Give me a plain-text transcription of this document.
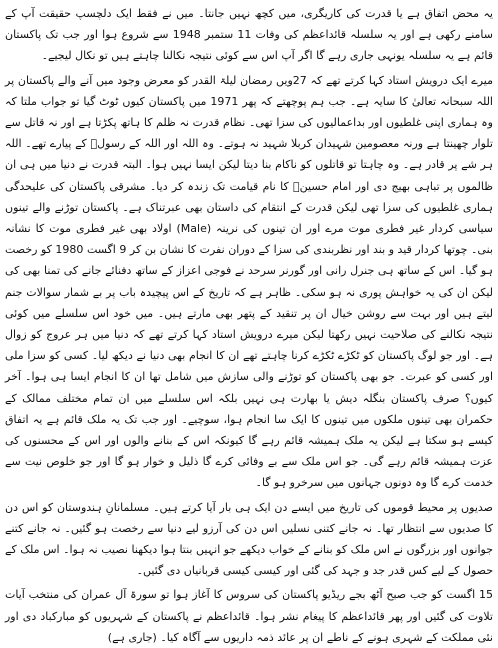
یہ محض اتفاق ہے یا قدرت کی کاریگری، میں کچھ نہیں جانتا۔ میں نے فقط ایک دلچسپ حقیقت آپ کے سامنے رکھی ہے اور یہ سلسلہ قائداعظم کی وفات 11 ستمبر 1948 سے شروع ہوا اور جب تک پاکستان قائم ہے یہ سلسلہ یونہی جاری رہے گا اگر آپ اس سے کوئی نتیجہ نکالنا چاہتے ہیں تو نکال لیجیے۔

میرے ایک درویش استاد کہا کرتے تھے کہ 27ویں رمضان لیلۃ القدر کو معرض وجود میں آنے والے پاکستان پر اللہ سبحانہ تعالیٰ کا سایہ ہے۔ جب ہم پوچھتے کہ پھر 1971 میں پاکستان کیوں ٹوٹ گیا تو جواب ملتا کہ وہ ہماری اپنی غلطیوں اور بداعمالیوں کی سزا تھی۔ نظام قدرت نہ ظلم کا ہاتھ پکڑتا ہے اور نہ قاتل سے تلوار چھینتا ہے ورنہ معصومین شہیدان کربلا شہید نہ ہوتے۔ وہ اللہ اور اللہ کے رسولؐ کے پیارے تھے۔ اللہ ہر شے پر قادر ہے۔ وہ چاہتا تو قاتلوں کو ناکام بنا دیتا لیکن ایسا نہیں ہوا۔ البتہ قدرت نے دنیا میں ہی ان ظالموں پر تباہی بھیج دی اور امام حسینؓ کا نام قیامت تک زندہ کر دیا۔ مشرقی پاکستان کی علیحدگی ہماری غلطیوں کی سزا تھی لیکن قدرت کے انتقام کی داستان بھی عبرتناک ہے۔ پاکستان توڑنے والے تینوں سیاسی کردار غیر فطری موت مرے اور ان تینوں کی نرینہ (Male) اولاد بھی غیر فطری موت کا نشانہ بنی۔ چوتھا کردار قید و بند اور نظربندی کی سزا کے دوران نفرت کا نشان بن کر 9 اگست 1980 کو رخصت ہو گیا۔ اس کے ساتھ ہی جنرل رانی اور گورنر سرحد نے فوجی اعزاز کے ساتھ دفنائے جانے کی تمنا بھی کی لیکن ان کی یہ خواہش پوری نہ ہو سکی۔ ظاہر ہے کہ تاریخ کے اس پیچیدہ باب پر بے شمار سوالات جنم لیتے ہیں اور بہت سے روشن خیال ان پر تنقید کے پتھر بھی مارتے ہیں۔ میں خود اس سلسلے میں کوئی نتیجہ نکالنے کی صلاحیت نہیں رکھتا لیکن میرے درویش استاد کہا کرتے تھے کہ دنیا میں ہر عروج کو زوال ہے۔ اور جو لوگ پاکستان کو ٹکڑے ٹکڑے کرنا چاہتے تھے ان کا انجام بھی دنیا نے دیکھ لیا۔ کسی کو سزا ملی اور کسی کو عبرت۔ جو بھی پاکستان کو توڑنے والی سازش میں شامل تھا ان کا انجام ایسا ہی ہوا۔ آخر کیوں؟ صرف پاکستان بنگلہ دیش یا بھارت ہی نہیں بلکہ اس سلسلے میں ان تمام مختلف ممالک کے حکمران بھی تینوں ملکوں میں تینوں کا ایک سا انجام ہوا، سوچیے۔ اور جب تک یہ ملک قائم ہے یہ اتفاق کیسے ہو سکتا ہے لیکن یہ ملک ہمیشہ قائم رہے گا کیونکہ اس کے بنانے والوں اور اس کے محسنوں کی عزت ہمیشہ قائم رہے گی۔ جو اس ملک سے بے وفائی کرے گا ذلیل و خوار ہو گا اور جو خلوص نیت سے خدمت کرے گا وہ دونوں جہانوں میں سرخرو ہو گا۔

صدیوں پر محیط قوموں کی تاریخ میں ایسے دن ایک ہی بار آیا کرتے ہیں۔ مسلمانانِ ہندوستان کو اس دن کا صدیوں سے انتظار تھا۔ نہ جانے کتنی نسلیں اس دن کی آرزو لیے دنیا سے رخصت ہو گئیں۔ نہ جانے کتنے جوانوں اور بزرگوں نے اس ملک کو بنانے کے خواب دیکھے جو انہیں بنتا ہوا دیکھنا نصیب نہ ہوا۔ اس ملک کے حصول کے لیے کس قدر جد و جہد کی گئی اور کیسی کیسی قربانیاں دی گئیں۔

15 اگست کو جب صبح آٹھ بجے ریڈیو پاکستان کی سروس کا آغاز ہوا تو سورۃ آل عمران کی منتخب آیات تلاوت کی گئیں اور پھر قائداعظم کا پیغام نشر ہوا۔ قائداعظم نے پاکستان کے شہریوں کو مبارکباد دی اور نئی مملکت کے شہری ہونے کے ناطے ان پر عائد ذمہ داریوں سے آگاہ کیا۔ (جاری ہے)
